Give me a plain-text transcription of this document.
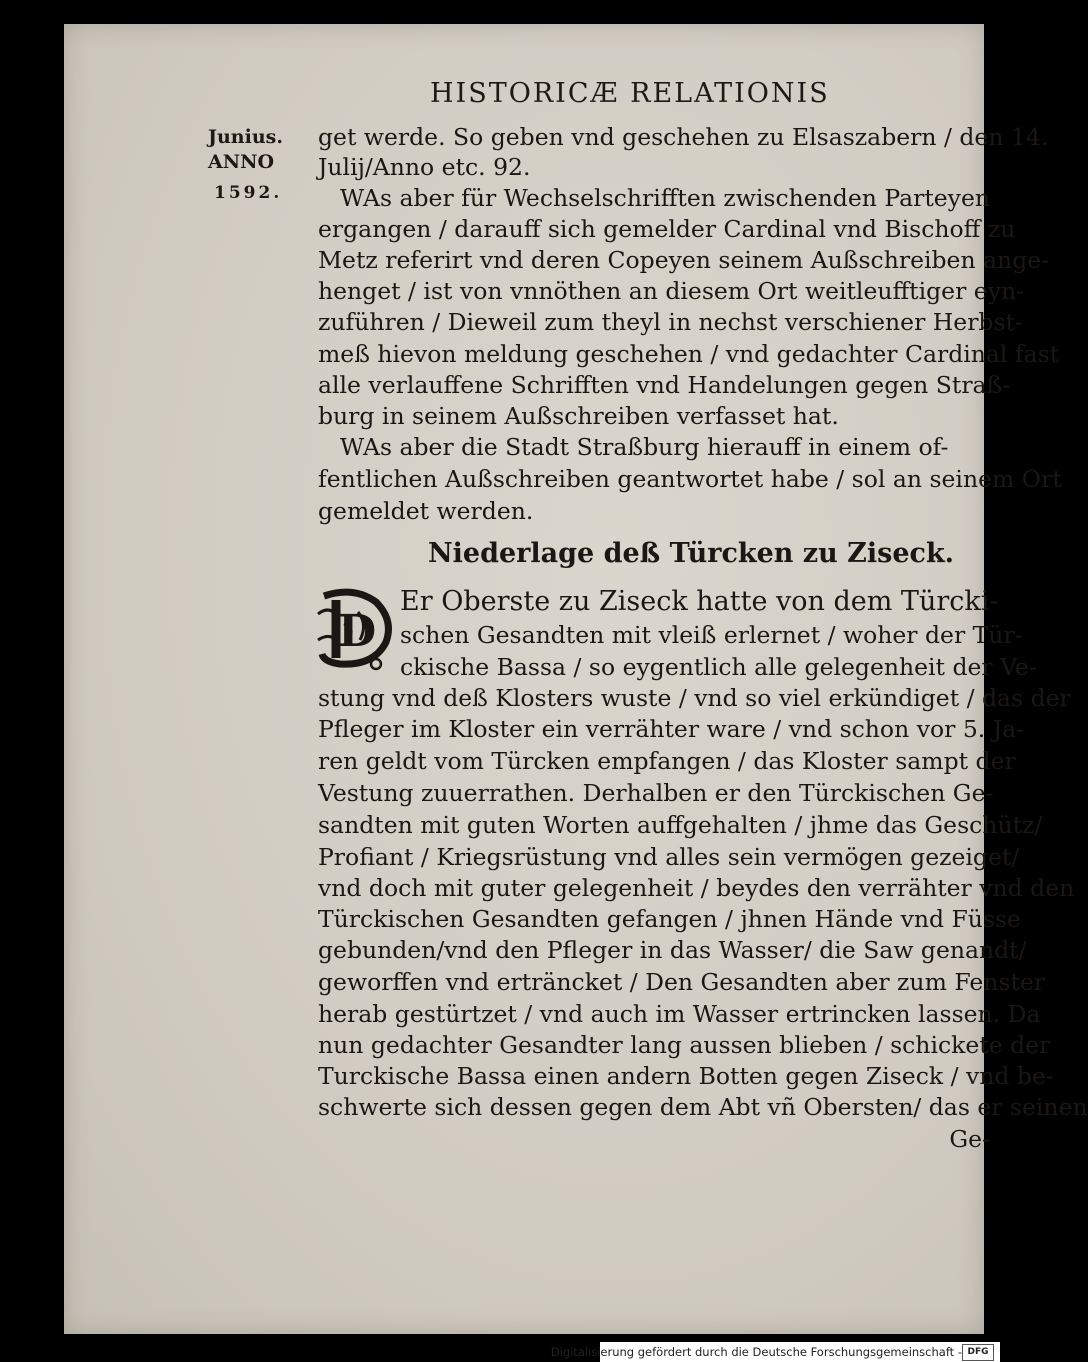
HISTORICÆ RELATIONIS
Junius.
ANNO
1592.
get werde. So geben vnd geschehen zu Elsaszabern / den 14.
Julij/Anno etc. 92.
WAs aber für Wechselschrifften zwischenden Parteyen
ergangen / darauff sich gemelder Cardinal vnd Bischoff zu
Metz referirt vnd deren Copeyen seinem Außschreiben ange-
henget / ist von vnnöthen an diesem Ort weitleufftiger eyn-
zuführen / Dieweil zum theyl in nechst verschiener Herbst-
meß hievon meldung geschehen / vnd gedachter Cardinal fast
alle verlauffene Schrifften vnd Handelungen gegen Straß-
burg in seinem Außschreiben verfasset hat.
WAs aber die Stadt Straßburg hierauff in einem of-
fentlichen Außschreiben geantwortet habe / sol an seinem Ort
gemeldet werden.
Niederlage deß Türcken zu Ziseck.
D
Er Oberste zu Ziseck hatte von dem Türcki-
schen Gesandten mit vleiß erlernet / woher der Tür-
ckische Bassa / so eygentlich alle gelegenheit der Ve-
stung vnd deß Klosters wuste / vnd so viel erkündiget / das der
Pfleger im Kloster ein verrähter ware / vnd schon vor 5. Ja-
ren geldt vom Türcken empfangen / das Kloster sampt der
Vestung zuuerrathen. Derhalben er den Türckischen Ge-
sandten mit guten Worten auffgehalten / jhme das Geschütz/
Profiant / Kriegsrüstung vnd alles sein vermögen gezeiget/
vnd doch mit guter gelegenheit / beydes den verrähter vnd den
Türckischen Gesandten gefangen / jhnen Hände vnd Füsse
gebunden/vnd den Pfleger in das Wasser/ die Saw genandt/
geworffen vnd erträncket / Den Gesandten aber zum Fenster
herab gestürtzet / vnd auch im Wasser ertrincken lassen. Da
nun gedachter Gesandter lang aussen blieben / schickete der
Turckische Bassa einen andern Botten gegen Ziseck / vnd be-
schwerte sich dessen gegen dem Abt vñ Obersten/ das er seinen
Ge-
Digitalisierung gefördert durch die Deutsche Forschungsgemeinschaft - DFG
